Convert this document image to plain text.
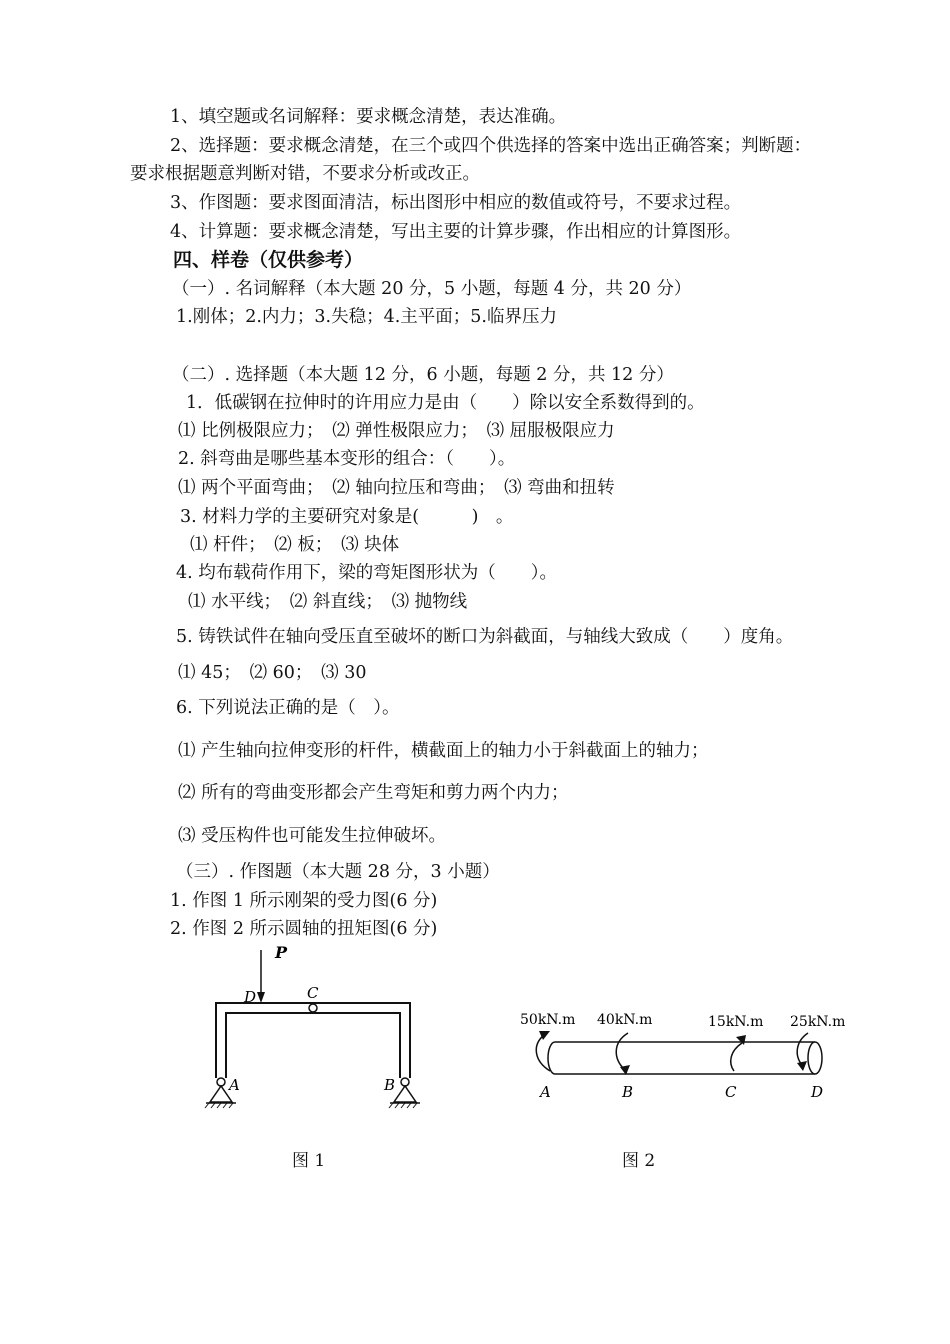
1、填空题或名词解释：要求概念清楚，表达准确。
2、选择题：要求概念清楚，在三个或四个供选择的答案中选出正确答案；判断题：
要求根据题意判断对错，不要求分析或改正。
3、作图题：要求图面清洁，标出图形中相应的数值或符号，不要求过程。
4、计算题：要求概念清楚，写出主要的计算步骤，作出相应的计算图形。
四、样卷（仅供参考）
（一）. 名词解释（本大题 20 分，5 小题，每题 4 分，共 20 分）
1.刚体；2.内力；3.失稳；4.主平面；5.临界压力
（二）. 选择题（本大题 12 分，6 小题，每题 2 分，共 12 分）
1．低碳钢在拉伸时的许用应力是由（　　）除以安全系数得到的。
⑴ 比例极限应力；　⑵ 弹性极限应力；　⑶ 屈服极限应力
2. 斜弯曲是哪些基本变形的组合：（　　）。
⑴ 两个平面弯曲；　⑵ 轴向拉压和弯曲；　⑶ 弯曲和扭转
3. 材料力学的主要研究对象是(　　　)　。
⑴ 杆件；　⑵ 板；　⑶ 块体
4. 均布载荷作用下，梁的弯矩图形状为（　　）。
⑴ 水平线；　⑵ 斜直线；　⑶ 抛物线
5. 铸铁试件在轴向受压直至破坏的断口为斜截面，与轴线大致成（　　）度角。
⑴ 45；　⑵ 60；　⑶ 30
6. 下列说法正确的是（　）。
⑴ 产生轴向拉伸变形的杆件，横截面上的轴力小于斜截面上的轴力；
⑵ 所有的弯曲变形都会产生弯矩和剪力两个内力；
⑶ 受压构件也可能发生拉伸破坏。
（三）. 作图题（本大题 28 分，3 小题）
1. 作图 1 所示刚架的受力图(6 分)
2. 作图 2 所示圆轴的扭矩图(6 分)
P
D	C
A	B
图 1
50kN.m 40kN.m	15kN.m 25kN.m
A	B	C	D
图 2
